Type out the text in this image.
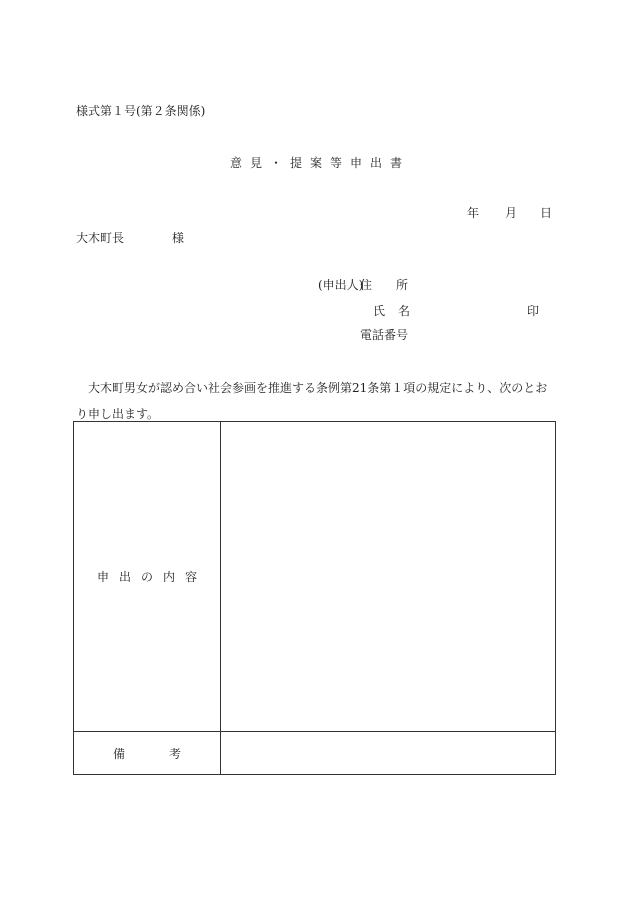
様式第１号(第２条関係)
意見・提案等申出書
年 月 日
大木町長	様
(申出人)
住　　所
氏 名	印
電話番号
大木町男女が認め合い社会参画を推進する条例第21条第１項の規定により、次のとおり申し出ます。
申出の内容
備	考
